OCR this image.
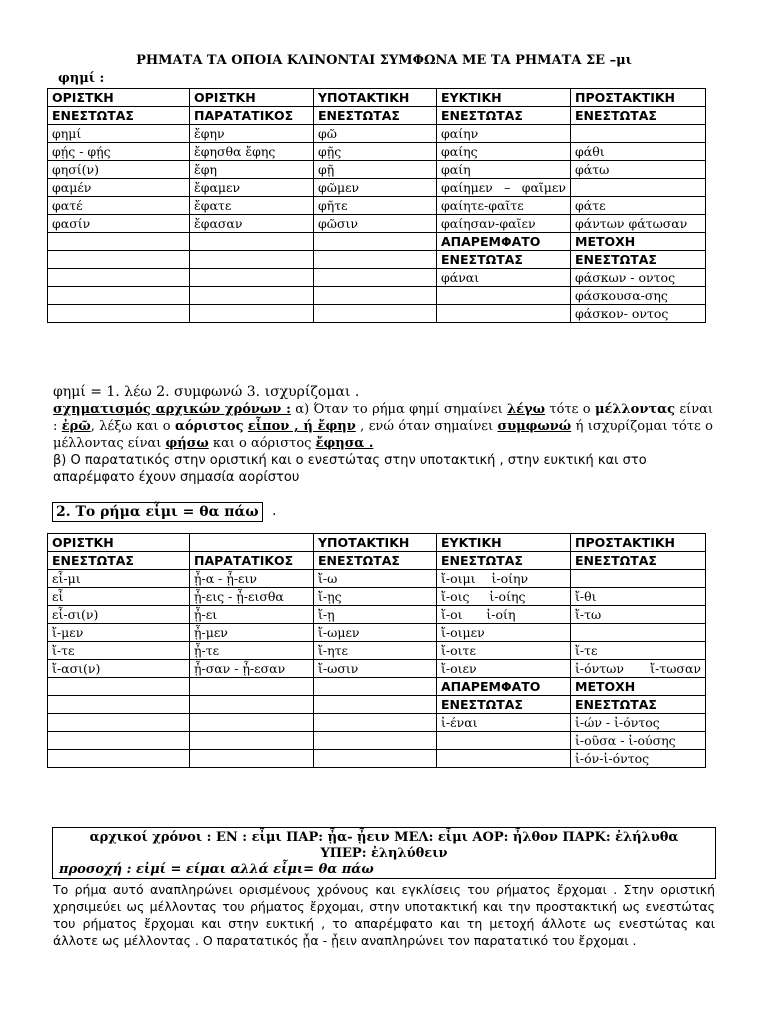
ΡΗΜΑΤΑ ΤΑ ΟΠΟΙΑ ΚΛΙΝΟΝΤΑΙ ΣΥΜΦΩΝΑ ΜΕ ΤΑ ΡΗΜΑΤΑ ΣΕ –μι
φημί :
ΟΡΙΣΤΚΗ	ΟΡΙΣΤΚΗ	ΥΠΟΤΑΚΤΙΚΗ	ΕΥΚΤΙΚΗ	ΠΡΟΣΤΑΚΤΙΚΗ
ΕΝΕΣΤΩΤΑΣ	ΠΑΡΑΤΑΤΙΚΟΣ	ΕΝΕΣΤΩΤΑΣ	ΕΝΕΣΤΩΤΑΣ	ΕΝΕΣΤΩΤΑΣ
φημί	ἔφην	φῶ	φαίην	
φῄς - φῄς	ἔφησθα ἔφης	φῇς	φαίης	φάθι
φησί(ν)	ἔφη	φῇ	φαίη	φάτω
φαμέν	ἔφαμεν	φῶμεν	φαίημεν – φαῖμεν	
φατέ	ἔφατε	φῆτε	φαίητε-φαῖτε	φάτε
φασίν	ἔφασαν	φῶσιν	φαίησαν-φαῖεν	φάντων φάτωσαν
			ΑΠΑΡΕΜΦΑΤΟ	ΜΕΤΟΧΗ
			ΕΝΕΣΤΩΤΑΣ	ΕΝΕΣΤΩΤΑΣ
			φάναι	φάσκων - οντος
				φάσκουσα-σης
				φάσκον- οντος
φημί = 1. λέω 2. συμφωνώ 3. ισχυρίζομαι .
σχηματισμός αρχικών χρόνων : α) Όταν το ρήμα φημί σημαίνει λέγω τότε ο μέλλοντας είναι : ἐρῶ, λέξω και ο αόριστος εἶπον , ή ἔφην , ενώ όταν σημαίνει συμφωνώ ή ισχυρίζομαι τότε ο μέλλοντας είναι φήσω και ο αόριστος ἔφησα .
β) Ο παρατατικός στην οριστική και ο ενεστώτας στην υποτακτική , στην ευκτική και στο απαρέμφατο έχουν σημασία αορίστου
2. Το ρήμα εἶμι = θα πάω .
ΟΡΙΣΤΚΗ		ΥΠΟΤΑΚΤΙΚΗ	ΕΥΚΤΙΚΗ	ΠΡΟΣΤΑΚΤΙΚΗ
ΕΝΕΣΤΩΤΑΣ	ΠΑΡΑΤΑΤΙΚΟΣ	ΕΝΕΣΤΩΤΑΣ	ΕΝΕΣΤΩΤΑΣ	ΕΝΕΣΤΩΤΑΣ
εἶ-μι	ᾖ-α - ᾖ-ειν	ἴ-ω	ἴ-οιμι    ἰ-οίην	
εἶ	ᾖ-εις - ᾖ-εισθα	ἴ-ῃς	ἴ-οις     ἰ-οίης	ἴ-θι
εἶ-σι(ν)	ᾖ-ει	ἴ-ῃ	ἴ-οι      ἰ-οίη	ἴ-τω
ἴ-μεν	ᾖ-μεν	ἴ-ωμεν	ἴ-οιμεν	
ἴ-τε	ᾖ-τε	ἴ-ητε	ἴ-οιτε	ἴ-τε
ἴ-ασι(ν)	ᾖ-σαν - ᾖ-εσαν	ἴ-ωσιν	ἴ-οιεν	ἰ-όντων ἴ-τωσαν
			ΑΠΑΡΕΜΦΑΤΟ	ΜΕΤΟΧΗ
			ΕΝΕΣΤΩΤΑΣ	ΕΝΕΣΤΩΤΑΣ
			ἰ-έναι	ἰ-ών - ἰ-όντος
				ἰ-οῦσα - ἰ-ούσης
				ἰ-όν-ἰ-όντος
αρχικοί χρόνοι : ΕΝ : εἶμι ΠΑΡ: ᾖα- ᾖειν ΜΕΛ: εἶμι ΑΟΡ: ἦλθον ΠΑΡΚ: ἐλήλυθα
ΥΠΕΡ: ἐληλύθειν
προσοχή : εἰμί = είμαι αλλά εἶμι= θα πάω
Το ρήμα αυτό αναπληρώνει ορισμένους χρόνους και εγκλίσεις του ρήματος ἔρχομαι . Στην οριστική χρησιμεύει ως μέλλοντας του ρήματος ἔρχομαι, στην υποτακτική και την προστακτική ως ενεστώτας του ρήματος ἔρχομαι και στην ευκτική , το απαρέμφατο και τη μετοχή άλλοτε ως ενεστώτας και άλλοτε ως μέλλοντας . Ο παρατατικός ᾖα - ᾖειν αναπληρώνει τον παρατατικό του ἔρχομαι .
